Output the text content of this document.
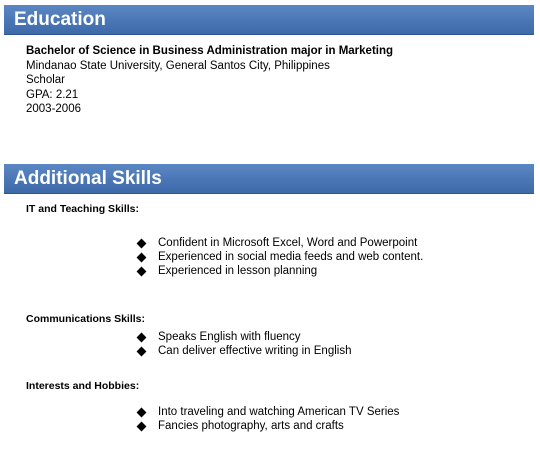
Education
Bachelor of Science in Business Administration major in Marketing
Mindanao State University, General Santos City, Philippines
Scholar
GPA: 2.21
2003-2006
Additional Skills
IT and Teaching Skills:
Confident in Microsoft Excel, Word and Powerpoint
Experienced in social media feeds and web content.
Experienced in lesson planning
Communications Skills:
Speaks English with fluency
Can deliver effective writing in English
Interests and Hobbies:
Into traveling and watching American TV Series
Fancies photography, arts and crafts
